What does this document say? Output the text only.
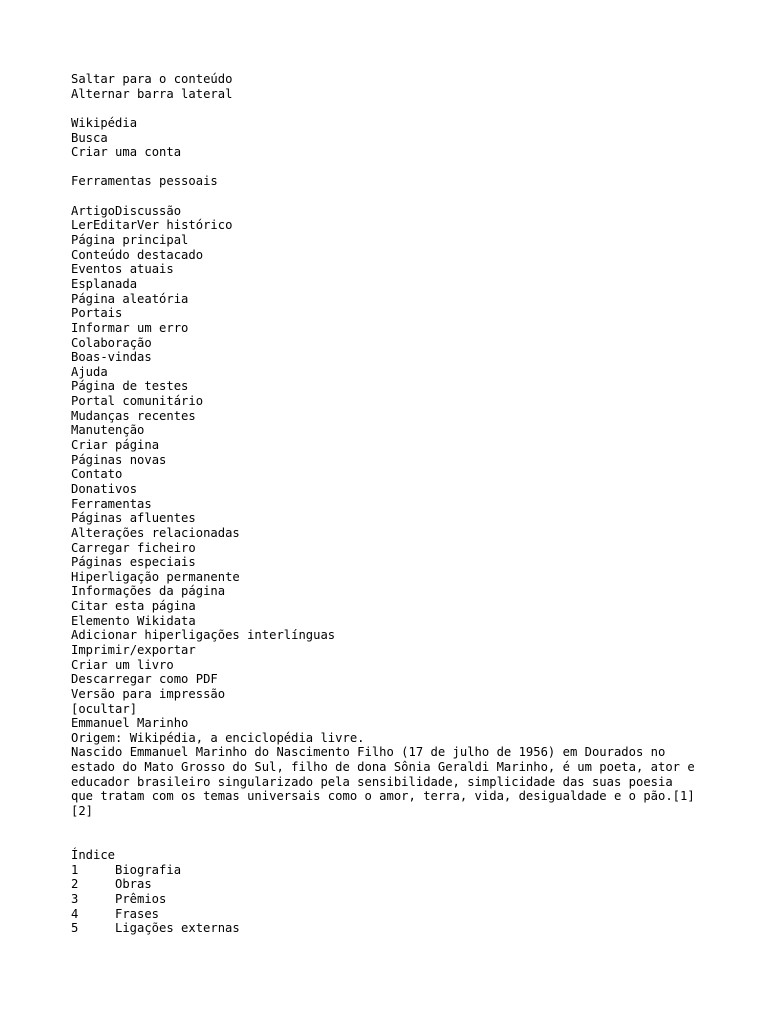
Saltar para o conteúdo
Alternar barra lateral
Wikipédia
Busca
Criar uma conta
Ferramentas pessoais
ArtigoDiscussão
LerEditarVer histórico
Página principal
Conteúdo destacado
Eventos atuais
Esplanada
Página aleatória
Portais
Informar um erro
Colaboração
Boas-vindas
Ajuda
Página de testes
Portal comunitário
Mudanças recentes
Manutenção
Criar página
Páginas novas
Contato
Donativos
Ferramentas
Páginas afluentes
Alterações relacionadas
Carregar ficheiro
Páginas especiais
Hiperligação permanente
Informações da página
Citar esta página
Elemento Wikidata
Adicionar hiperligações interlínguas
Imprimir/exportar
Criar um livro
Descarregar como PDF
Versão para impressão
[ocultar]
Emmanuel Marinho
Origem: Wikipédia, a enciclopédia livre.
Nascido Emmanuel Marinho do Nascimento Filho (17 de julho de 1956) em Dourados no estado do Mato Grosso do Sul, filho de dona Sônia Geraldi Marinho, é um poeta, ator e educador brasileiro singularizado pela sensibilidade, simplicidade das suas poesia que tratam com os temas universais como o amor, terra, vida, desigualdade e o pão.[1][2]
Índice
1	Biografia
2	Obras
3	Prêmios
4	Frases
5	Ligações externas
